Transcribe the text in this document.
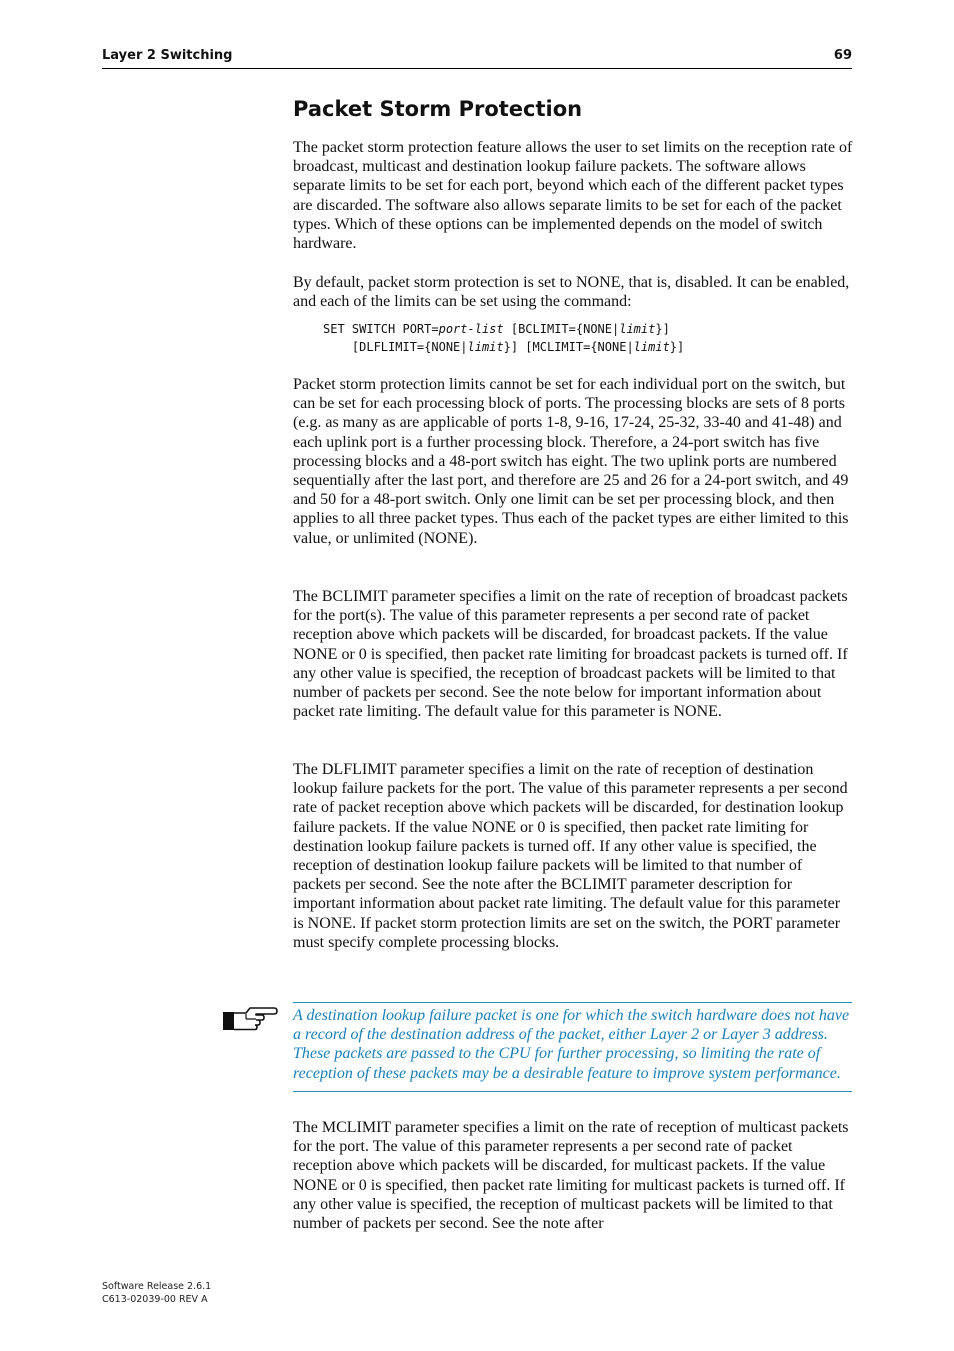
Layer 2 Switching	69
Packet Storm Protection

The packet storm protection feature allows the user to set limits on the reception rate of broadcast, multicast and destination lookup failure packets. The software allows separate limits to be set for each port, beyond which each of the different packet types are discarded. The software also allows separate limits to be set for each of the packet types. Which of these options can be implemented depends on the model of switch hardware.

By default, packet storm protection is set to NONE, that is, disabled. It can be enabled, and each of the limits can be set using the command:

SET SWITCH PORT=port-list [BCLIMIT={NONE|limit}]
[DLFLIMIT={NONE|limit}] [MCLIMIT={NONE|limit}]

Packet storm protection limits cannot be set for each individual port on the switch, but can be set for each processing block of ports. The processing blocks are sets of 8 ports (e.g. as many as are applicable of ports 1-8, 9-16, 17-24, 25-32, 33-40 and 41-48) and each uplink port is a further processing block. Therefore, a 24-port switch has five processing blocks and a 48-port switch has eight. The two uplink ports are numbered sequentially after the last port, and therefore are 25 and 26 for a 24-port switch, and 49 and 50 for a 48-port switch. Only one limit can be set per processing block, and then applies to all three packet types. Thus each of the packet types are either limited to this value, or unlimited (NONE).

The BCLIMIT parameter specifies a limit on the rate of reception of broadcast packets for the port(s). The value of this parameter represents a per second rate of packet reception above which packets will be discarded, for broadcast packets. If the value NONE or 0 is specified, then packet rate limiting for broadcast packets is turned off. If any other value is specified, the reception of broadcast packets will be limited to that number of packets per second. See the note below for important information about packet rate limiting. The default value for this parameter is NONE.

The DLFLIMIT parameter specifies a limit on the rate of reception of destination lookup failure packets for the port. The value of this parameter represents a per second rate of packet reception above which packets will be discarded, for destination lookup failure packets. If the value NONE or 0 is specified, then packet rate limiting for destination lookup failure packets is turned off. If any other value is specified, the reception of destination lookup failure packets will be limited to that number of packets per second. See the note after the BCLIMIT parameter description for important information about packet rate limiting. The default value for this parameter is NONE. If packet storm protection limits are set on the switch, the PORT parameter must specify complete processing blocks.

A destination lookup failure packet is one for which the switch hardware does not have a record of the destination address of the packet, either Layer 2 or Layer 3 address. These packets are passed to the CPU for further processing, so limiting the rate of reception of these packets may be a desirable feature to improve system performance.

The MCLIMIT parameter specifies a limit on the rate of reception of multicast packets for the port. The value of this parameter represents a per second rate of packet reception above which packets will be discarded, for multicast packets. If the value NONE or 0 is specified, then packet rate limiting for multicast packets is turned off. If any other value is specified, the reception of multicast packets will be limited to that number of packets per second. See the note after

Software Release 2.6.1
C613-02039-00 REV A
